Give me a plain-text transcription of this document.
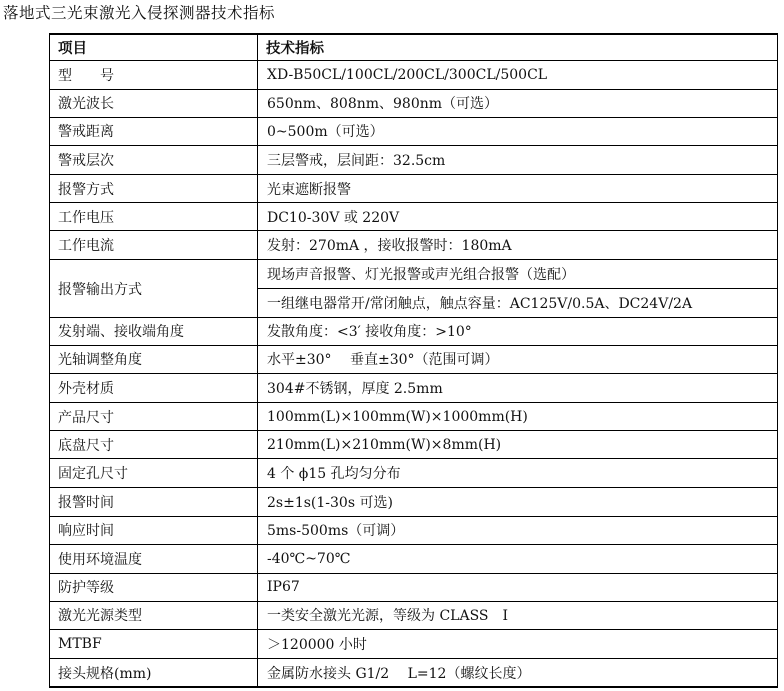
落地式三光束激光入侵探测器技术指标
项目	技术指标
型　　号	XD-B50CL/100CL/200CL/300CL/500CL
激光波长	650nm、808nm、980nm（可选）
警戒距离	0~500m（可选）
警戒层次	三层警戒，层间距：32.5cm
报警方式	光束遮断报警
工作电压	DC10-30V 或 220V
工作电流	发射：270mA ，接收报警时：180mA
报警输出方式	现场声音报警、灯光报警或声光组合报警（选配）
	一组继电器常开/常闭触点，触点容量：AC125V/0.5A、DC24V/2A
发射端、接收端角度	发散角度：<3′ 接收角度：>10°
光轴调整角度	水平±30°　 垂直±30°（范围可调）
外壳材质	304#不锈钢，厚度 2.5mm
产品尺寸	100mm(L)×100mm(W)×1000mm(H)
底盘尺寸	210mm(L)×210mm(W)×8mm(H)
固定孔尺寸	4 个 ϕ15 孔均匀分布
报警时间	2s±1s(1-30s 可选)
响应时间	5ms-500ms（可调）
使用环境温度	-40℃~70℃
防护等级	IP67
激光光源类型	一类安全激光光源，等级为 CLASS　Ⅰ
MTBF	＞120000 小时
接头规格(mm)	金属防水接头 G1/2　 L=12（螺纹长度）
